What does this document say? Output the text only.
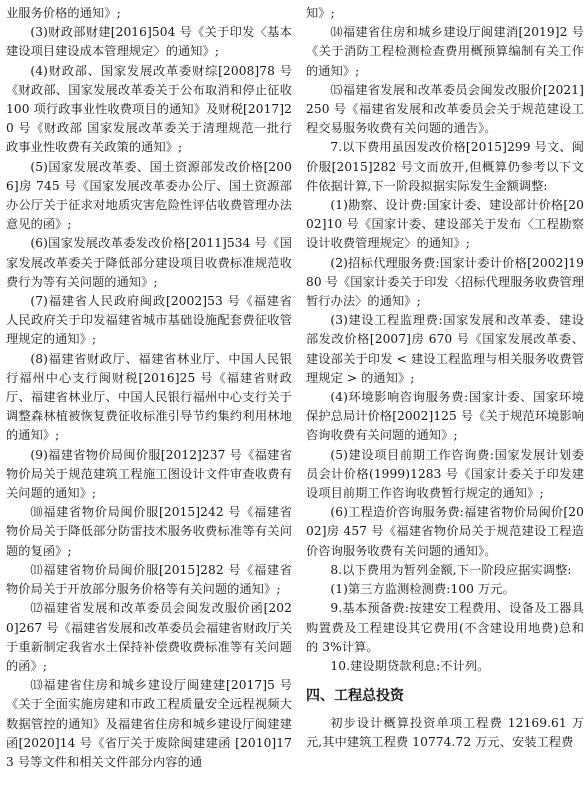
业服务价格的通知》;

(3)财政部财建[2016]504 号《关于印发〈基本建设项目建设成本管理规定〉的通知》;

(4)财政部、国家发展改革委财综[2008]78 号《财政部、国家发展改革委关于公布取消和停止征收 100 项行政事业性收费项目的通知》及财税[2017]20 号《财政部 国家发展改革委关于清理规范一批行政事业性收费有关政策的通知》;

(5)国家发展改革委、国土资源部发改价格[2006]房 745 号《国家发展改革委办公厅、国土资源部办公厅关于征求对地质灾害危险性评估收费管理办法意见的函》;

(6)国家发展改革委发改价格[2011]534 号《国家发展改革委关于降低部分建设项目收费标准规范收费行为等有关问题的通知》;

(7)福建省人民政府闽政[2002]53 号《福建省人民政府关于印发福建省城市基础设施配套费征收管理规定的通知》;

(8)福建省财政厅、福建省林业厅、中国人民银行福州中心支行闽财税[2016]25 号《福建省财政厅、福建省林业厅、中国人民银行福州中心支行关于调整森林植被恢复费征收标准引导节约集约利用林地的通知》;

(9)福建省物价局闽价服[2012]237 号《福建省物价局关于规范建筑工程施工图设计文件审查收费有关问题的通知》;

⑽福建省物价局闽价服[2015]242 号《福建省物价局关于降低部分防雷技术服务收费标准等有关问题的复函》;

⑾福建省物价局闽价服[2015]282 号《福建省物价局关于开放部分服务价格等有关问题的通知》;

⑿福建省发展和改革委员会闽发改服价函[2020]267 号《福建省发展和改革委员会福建省财政厅关于重新制定我省水土保持补偿费收费标准等有关问题的函》;

⒀福建省住房和城乡建设厅闽建建[2017]5 号《关于全面实施房建和市政工程质量安全远程视频大数据管控的通知》及福建省住房和城乡建设厅闽建建函[2020]14 号《省厅关于废除闽建建函 [2010]173 号等文件和相关文件部分内容的通

知》;

⒁福建省住房和城乡建设厅闽建消[2019]2 号《关于消防工程检测检查费用概预算编制有关工作的通知》;

⒂福建省发展和改革委员会闽发改服价[2021]250 号《福建省发展和改革委员会关于规范建设工程交易服务收费有关问题的通告》。

7.以下费用虽因发改价格[2015]299 号文、闽价服[2015]282 号文而放开,但概算仍参考以下文件依据计算,下一阶段拟据实际发生金额调整:

(1)勘察、设计费:国家计委、建设部计价格[2002]10 号《国家计委、建设部关于发布〈工程勘察设计收费管理规定〉的通知》;

(2)招标代理服务费:国家计委计价格[2002]1980 号《国家计委关于印发〈招标代理服务收费管理暂行办法〉的通知》;

(3)建设工程监理费:国家发展和改革委、建设部发改价格[2007]房 670 号《国家发展改革委、建设部关于印发 < 建设工程监理与相关服务收费管理规定 > 的通知》;

(4)环境影响咨询服务费:国家计委、国家环境保护总局计价格[2002]125 号《关于规范环境影响咨询收费有关问题的通知》;

(5)建设项目前期工作咨询费:国家发展计划委员会计价格(1999)1283 号《国家计委关于印发建设项目前期工作咨询收费暂行规定的通知》;

(6)工程造价咨询服务费:福建省物价局闽价[2002]房 457 号《福建省物价局关于规范建设工程造价咨询服务收费有关问题的通知》。

8.以下费用为暂列金额,下一阶段应据实调整:

(1)第三方监测检测费:100 万元。

9.基本预备费:按建安工程费用、设备及工器具购置费及工程建设其它费用(不含建设用地费)总和的 3%计算。

10.建设期贷款利息:不计列。

四、工程总投资

初步设计概算投资单项工程费 12169.61 万元,其中建筑工程费 10774.72 万元、安装工程费
